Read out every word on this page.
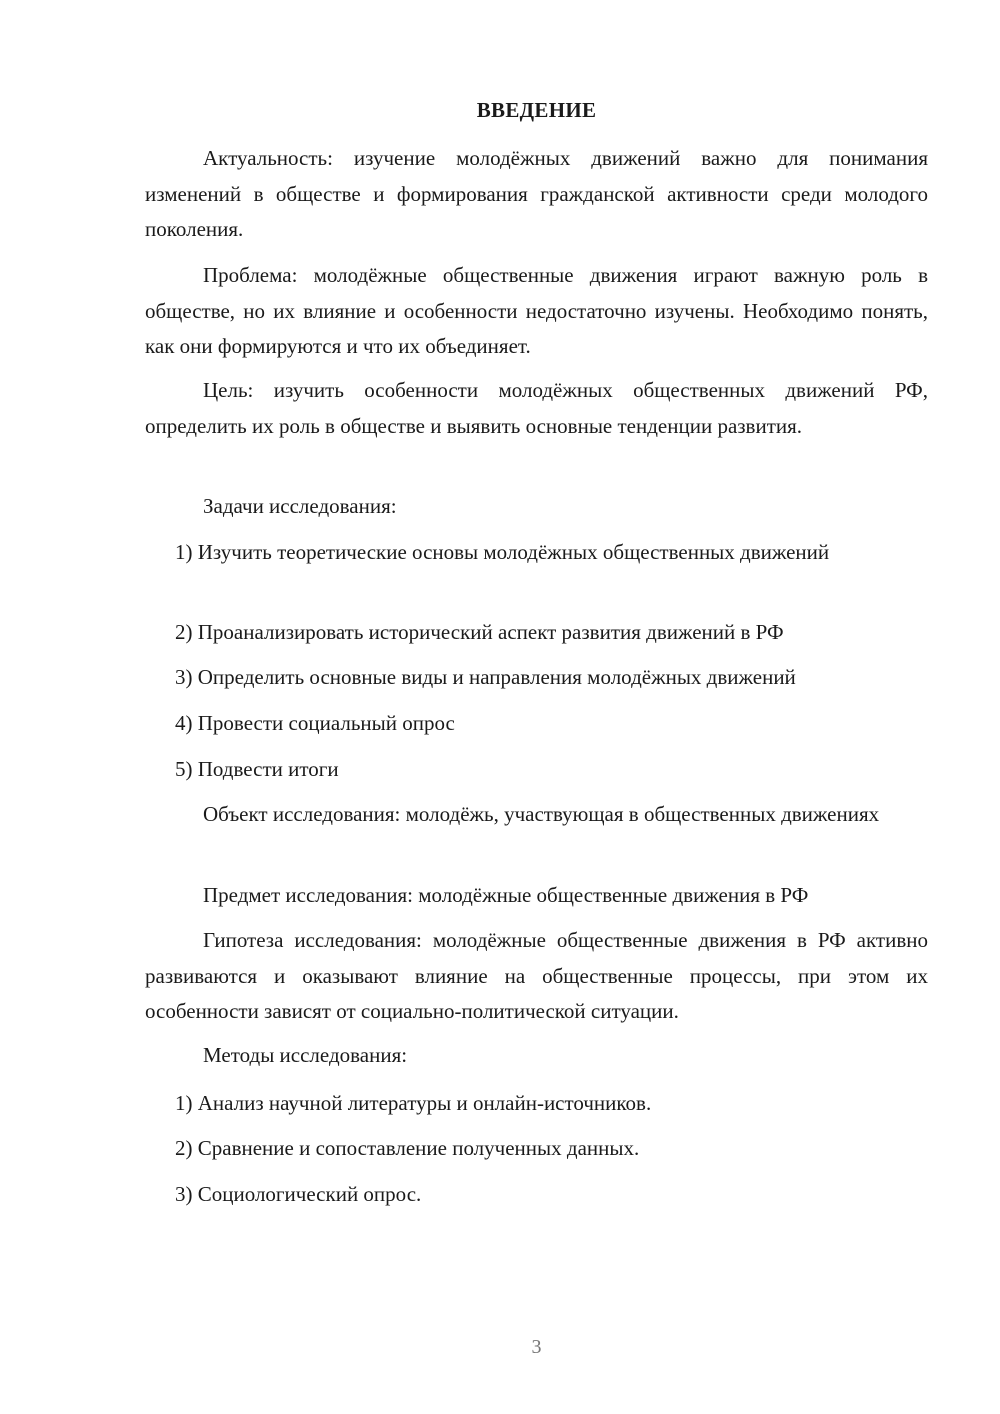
ВВЕДЕНИЕ
Актуальность: изучение молодёжных движений важно для понимания изменений в обществе и формирования гражданской активности среди молодого поколения.
Проблема: молодёжные общественные движения играют важную роль в обществе, но их влияние и особенности недостаточно изучены. Необходимо понять, как они формируются и что их объединяет.
Цель: изучить особенности молодёжных общественных движений РФ, определить их роль в обществе и выявить основные тенденции развития.
Задачи исследования:
1) Изучить теоретические основы молодёжных общественных движений
2) Проанализировать исторический аспект развития движений в РФ
3) Определить основные виды и направления молодёжных движений
4) Провести социальный опрос
5) Подвести итоги
Объект исследования: молодёжь, участвующая в общественных движениях
Предмет исследования: молодёжные общественные движения в РФ
Гипотеза исследования: молодёжные общественные движения в РФ активно развиваются и оказывают влияние на общественные процессы, при этом их особенности зависят от социально-политической ситуации.
Методы исследования:
1) Анализ научной литературы и онлайн-источников.
2) Сравнение и сопоставление полученных данных.
3) Социологический опрос.
3
